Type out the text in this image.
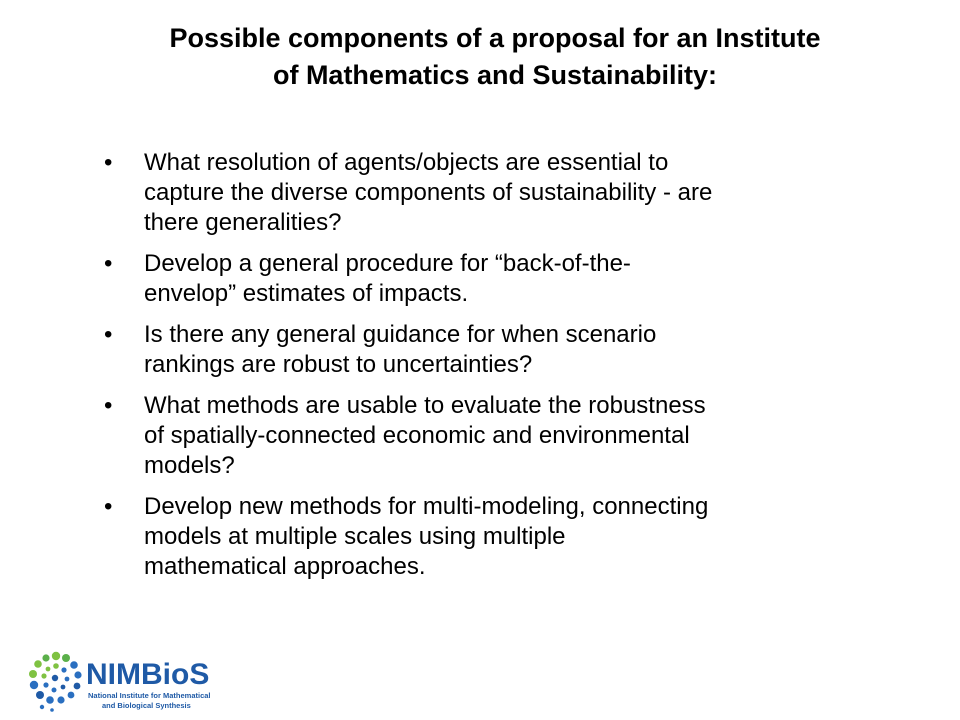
Possible components of a proposal for an Institute
of Mathematics and Sustainability:
• What resolution of agents/objects are essential to
capture the diverse components of sustainability - are
there generalities?
• Develop a general procedure for “back-of-the-
envelop” estimates of impacts.
• Is there any general guidance for when scenario
rankings are robust to uncertainties?
• What methods are usable to evaluate the robustness
of spatially-connected economic and environmental
models?
• Develop new methods for multi-modeling, connecting
models at multiple scales using multiple
mathematical approaches.
NIMBioS
National Institute for Mathematical
and Biological Synthesis
